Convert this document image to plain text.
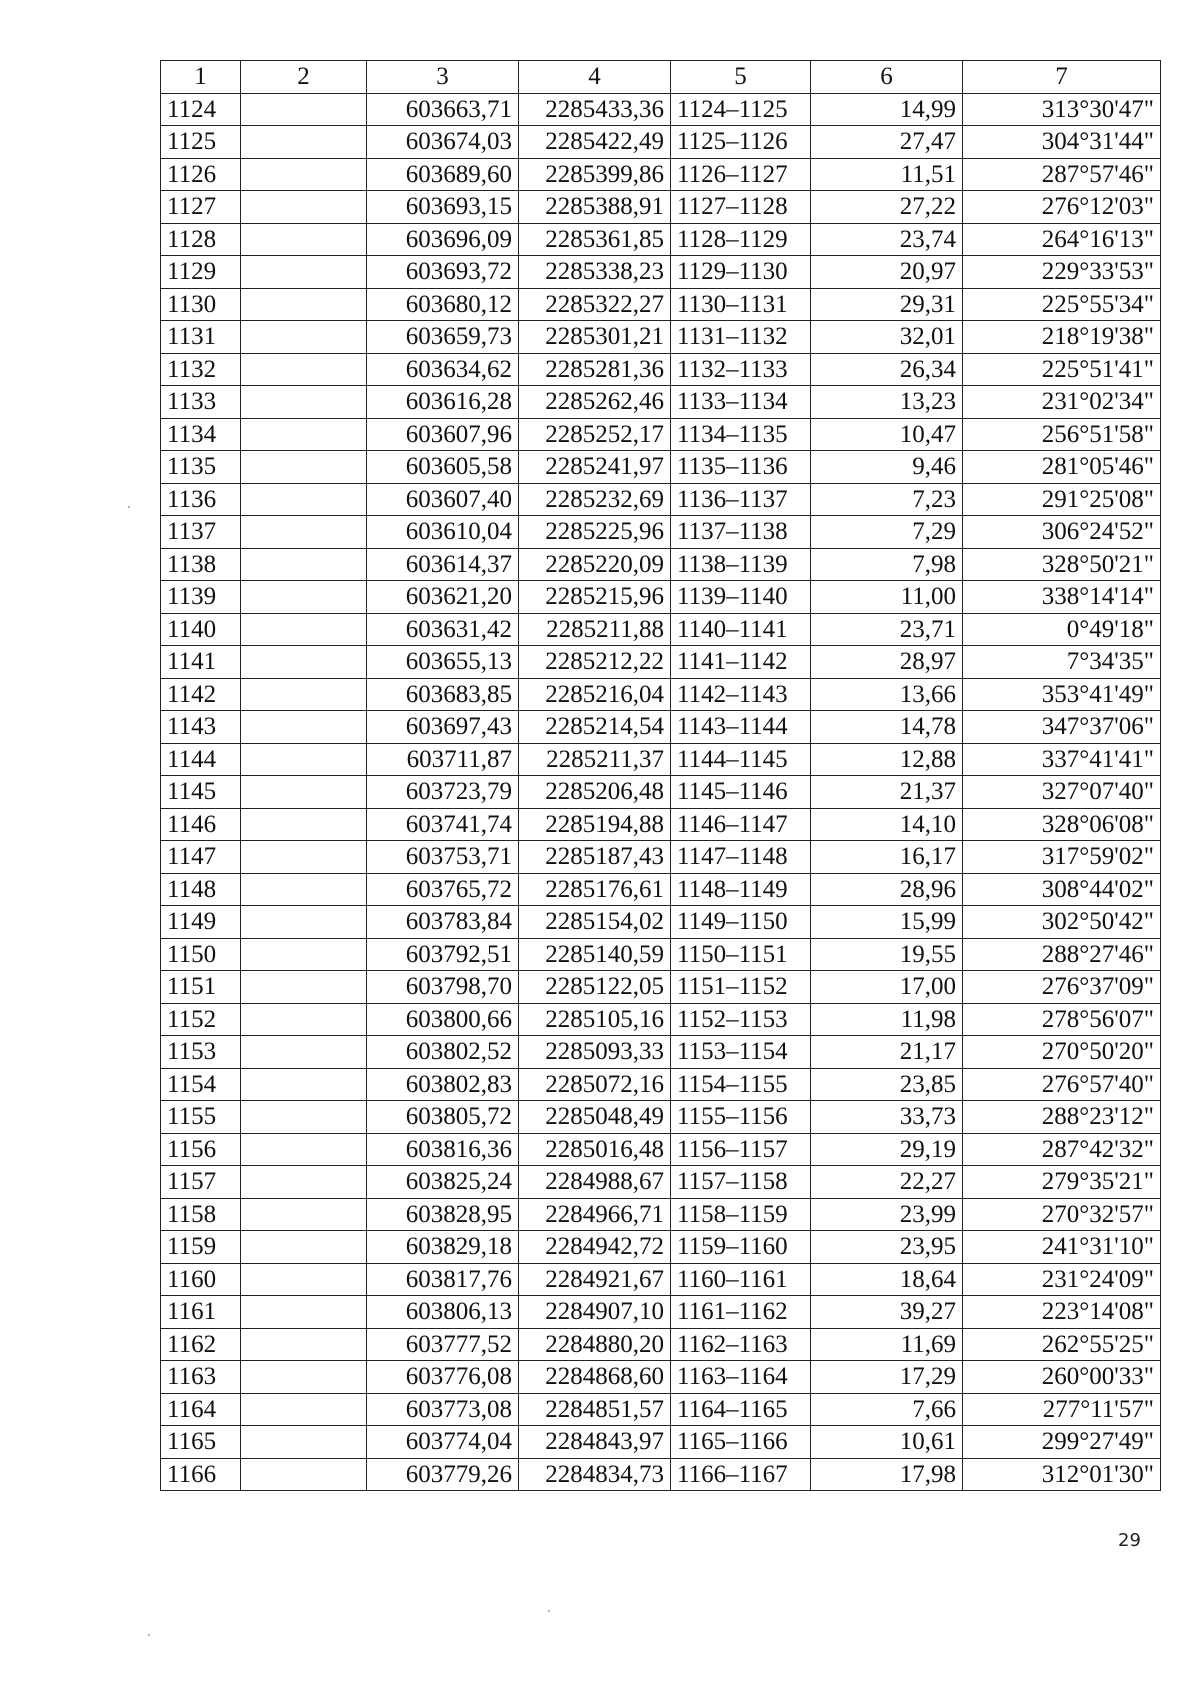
1	2	3	4	5	6	7
1124		603663,71	2285433,36	1124–1125	14,99	313°30'47"
1125		603674,03	2285422,49	1125–1126	27,47	304°31'44"
1126		603689,60	2285399,86	1126–1127	11,51	287°57'46"
1127		603693,15	2285388,91	1127–1128	27,22	276°12'03"
1128		603696,09	2285361,85	1128–1129	23,74	264°16'13"
1129		603693,72	2285338,23	1129–1130	20,97	229°33'53"
1130		603680,12	2285322,27	1130–1131	29,31	225°55'34"
1131		603659,73	2285301,21	1131–1132	32,01	218°19'38"
1132		603634,62	2285281,36	1132–1133	26,34	225°51'41"
1133		603616,28	2285262,46	1133–1134	13,23	231°02'34"
1134		603607,96	2285252,17	1134–1135	10,47	256°51'58"
1135		603605,58	2285241,97	1135–1136	9,46	281°05'46"
1136		603607,40	2285232,69	1136–1137	7,23	291°25'08"
1137		603610,04	2285225,96	1137–1138	7,29	306°24'52"
1138		603614,37	2285220,09	1138–1139	7,98	328°50'21"
1139		603621,20	2285215,96	1139–1140	11,00	338°14'14"
1140		603631,42	2285211,88	1140–1141	23,71	0°49'18"
1141		603655,13	2285212,22	1141–1142	28,97	7°34'35"
1142		603683,85	2285216,04	1142–1143	13,66	353°41'49"
1143		603697,43	2285214,54	1143–1144	14,78	347°37'06"
1144		603711,87	2285211,37	1144–1145	12,88	337°41'41"
1145		603723,79	2285206,48	1145–1146	21,37	327°07'40"
1146		603741,74	2285194,88	1146–1147	14,10	328°06'08"
1147		603753,71	2285187,43	1147–1148	16,17	317°59'02"
1148		603765,72	2285176,61	1148–1149	28,96	308°44'02"
1149		603783,84	2285154,02	1149–1150	15,99	302°50'42"
1150		603792,51	2285140,59	1150–1151	19,55	288°27'46"
1151		603798,70	2285122,05	1151–1152	17,00	276°37'09"
1152		603800,66	2285105,16	1152–1153	11,98	278°56'07"
1153		603802,52	2285093,33	1153–1154	21,17	270°50'20"
1154		603802,83	2285072,16	1154–1155	23,85	276°57'40"
1155		603805,72	2285048,49	1155–1156	33,73	288°23'12"
1156		603816,36	2285016,48	1156–1157	29,19	287°42'32"
1157		603825,24	2284988,67	1157–1158	22,27	279°35'21"
1158		603828,95	2284966,71	1158–1159	23,99	270°32'57"
1159		603829,18	2284942,72	1159–1160	23,95	241°31'10"
1160		603817,76	2284921,67	1160–1161	18,64	231°24'09"
1161		603806,13	2284907,10	1161–1162	39,27	223°14'08"
1162		603777,52	2284880,20	1162–1163	11,69	262°55'25"
1163		603776,08	2284868,60	1163–1164	17,29	260°00'33"
1164		603773,08	2284851,57	1164–1165	7,66	277°11'57"
1165		603774,04	2284843,97	1165–1166	10,61	299°27'49"
1166		603779,26	2284834,73	1166–1167	17,98	312°01'30"
29
